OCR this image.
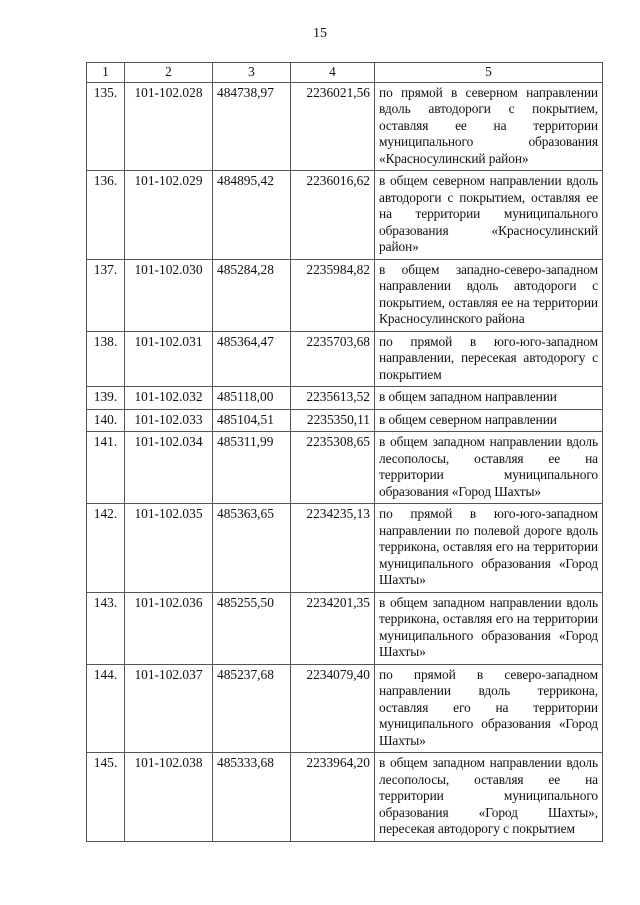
15
1	2	3	4	5
135.	101-102.028	484738,97	2236021,56	по прямой в северном направлении вдоль автодороги с покрытием, оставляя ее на территории муниципального образования «Красносулинский район»
136.	101-102.029	484895,42	2236016,62	в общем северном направлении вдоль автодороги с покрытием, оставляя ее на территории муниципального образования «Красносулинский район»
137.	101-102.030	485284,28	2235984,82	в общем западно-северо-западном направлении вдоль автодороги с покрытием, оставляя ее на территории Красносулинского района
138.	101-102.031	485364,47	2235703,68	по прямой в юго-юго-западном направлении, пересекая автодорогу с покрытием
139.	101-102.032	485118,00	2235613,52	в общем западном направлении
140.	101-102.033	485104,51	2235350,11	в общем северном направлении
141.	101-102.034	485311,99	2235308,65	в общем западном направлении вдоль лесополосы, оставляя ее на территории муниципального образования «Город Шахты»
142.	101-102.035	485363,65	2234235,13	по прямой в юго-юго-западном направлении по полевой дороге вдоль террикона, оставляя его на территории муниципального образования «Город Шахты»
143.	101-102.036	485255,50	2234201,35	в общем западном направлении вдоль террикона, оставляя его на территории муниципального образования «Город Шахты»
144.	101-102.037	485237,68	2234079,40	по прямой в северо-западном направлении вдоль террикона, оставляя его на территории муниципального образования «Город Шахты»
145.	101-102.038	485333,68	2233964,20	в общем западном направлении вдоль лесополосы, оставляя ее на территории муниципального образования «Город Шахты», пересекая автодорогу с покрытием
